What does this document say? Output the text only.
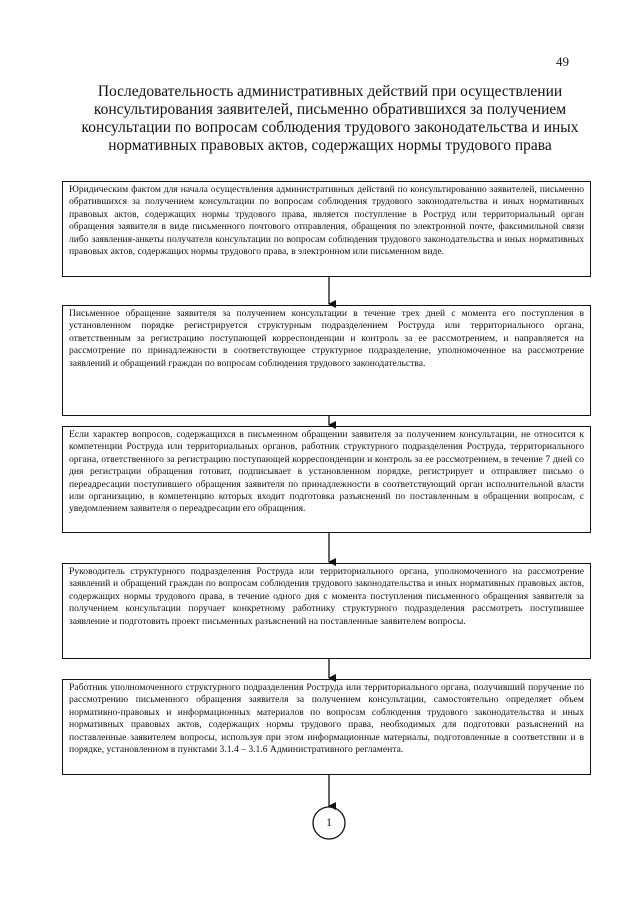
49
Последовательность административных действий при осуществлении
консультирования заявителей, письменно обратившихся за получением
консультации по вопросам соблюдения трудового законодательства и иных
нормативных правовых актов, содержащих нормы трудового права
Юридическим фактом для начала осуществления административных действий по консультированию заявителей, письменно обратившихся за получением консультации по вопросам соблюдения трудового законодательства и иных нормативных правовых актов, содержащих нормы трудового права, является поступление в Роструд или территориальный орган обращения заявителя в виде письменного почтового отправления, обращения по электронной почте, факсимильной связи либо заявления-анкеты получателя консультации по вопросам соблюдения трудового законодательства и иных нормативных правовых актов, содержащих нормы трудового права, в электронном или письменном виде.
Письменное обращение заявителя за получением консультации в течение трех дней с момента его поступления в установленном порядке регистрируется структурным подразделением Роструда или территориального органа, ответственным за регистрацию поступающей корреспонденции и контроль за ее рассмотрением, и направляется на рассмотрение по принадлежности в соответствующее структурное подразделение, уполномоченное на рассмотрение заявлений и обращений граждан по вопросам соблюдения трудового законодательства.
Если характер вопросов, содержащихся в письменном обращении заявителя за получением консультации, не относится к компетенции Роструда или территориальных органов, работник структурного подразделения Роструда, территориального органа, ответственного за регистрацию поступающей корреспонденции и контроль за ее рассмотрением, в течение 7 дней со дня регистрации обращения готовит, подписывает в установленном порядке, регистрирует и отправляет письмо о переадресации поступившего обращения заявителя по принадлежности в соответствующий орган исполнительной власти или организацию, в компетенцию которых входит подготовка разъяснений по поставленным в обращении вопросам, с уведомлением заявителя о переадресации его обращения.
Руководитель структурного подразделения Роструда или территориального органа, уполномоченного на рассмотрение заявлений и обращений граждан по вопросам соблюдения трудового законодательства и иных нормативных правовых актов, содержащих нормы трудового права, в течение одного дня с момента поступления письменного обращения заявителя за получением консультации поручает конкретному работнику структурного подразделения рассмотреть поступившее заявление и подготовить проект письменных разъяснений на поставленные заявителем вопросы.
Работник уполномоченного структурного подразделения Роструда или территориального органа, получивший поручение по рассмотрению письменного обращения заявителя за получением консультации, самостоятельно определяет объем нормативно-правовых и информационных материалов по вопросам соблюдения трудового законодательства и иных нормативных правовых актов, содержащих нормы трудового права, необходимых для подготовки разъяснений на поставленные заявителем вопросы, используя при этом информационные материалы, подготовленные в соответствии и в порядке, установленном в пунктами 3.1.4 – 3.1.6 Административного регламента.
1
